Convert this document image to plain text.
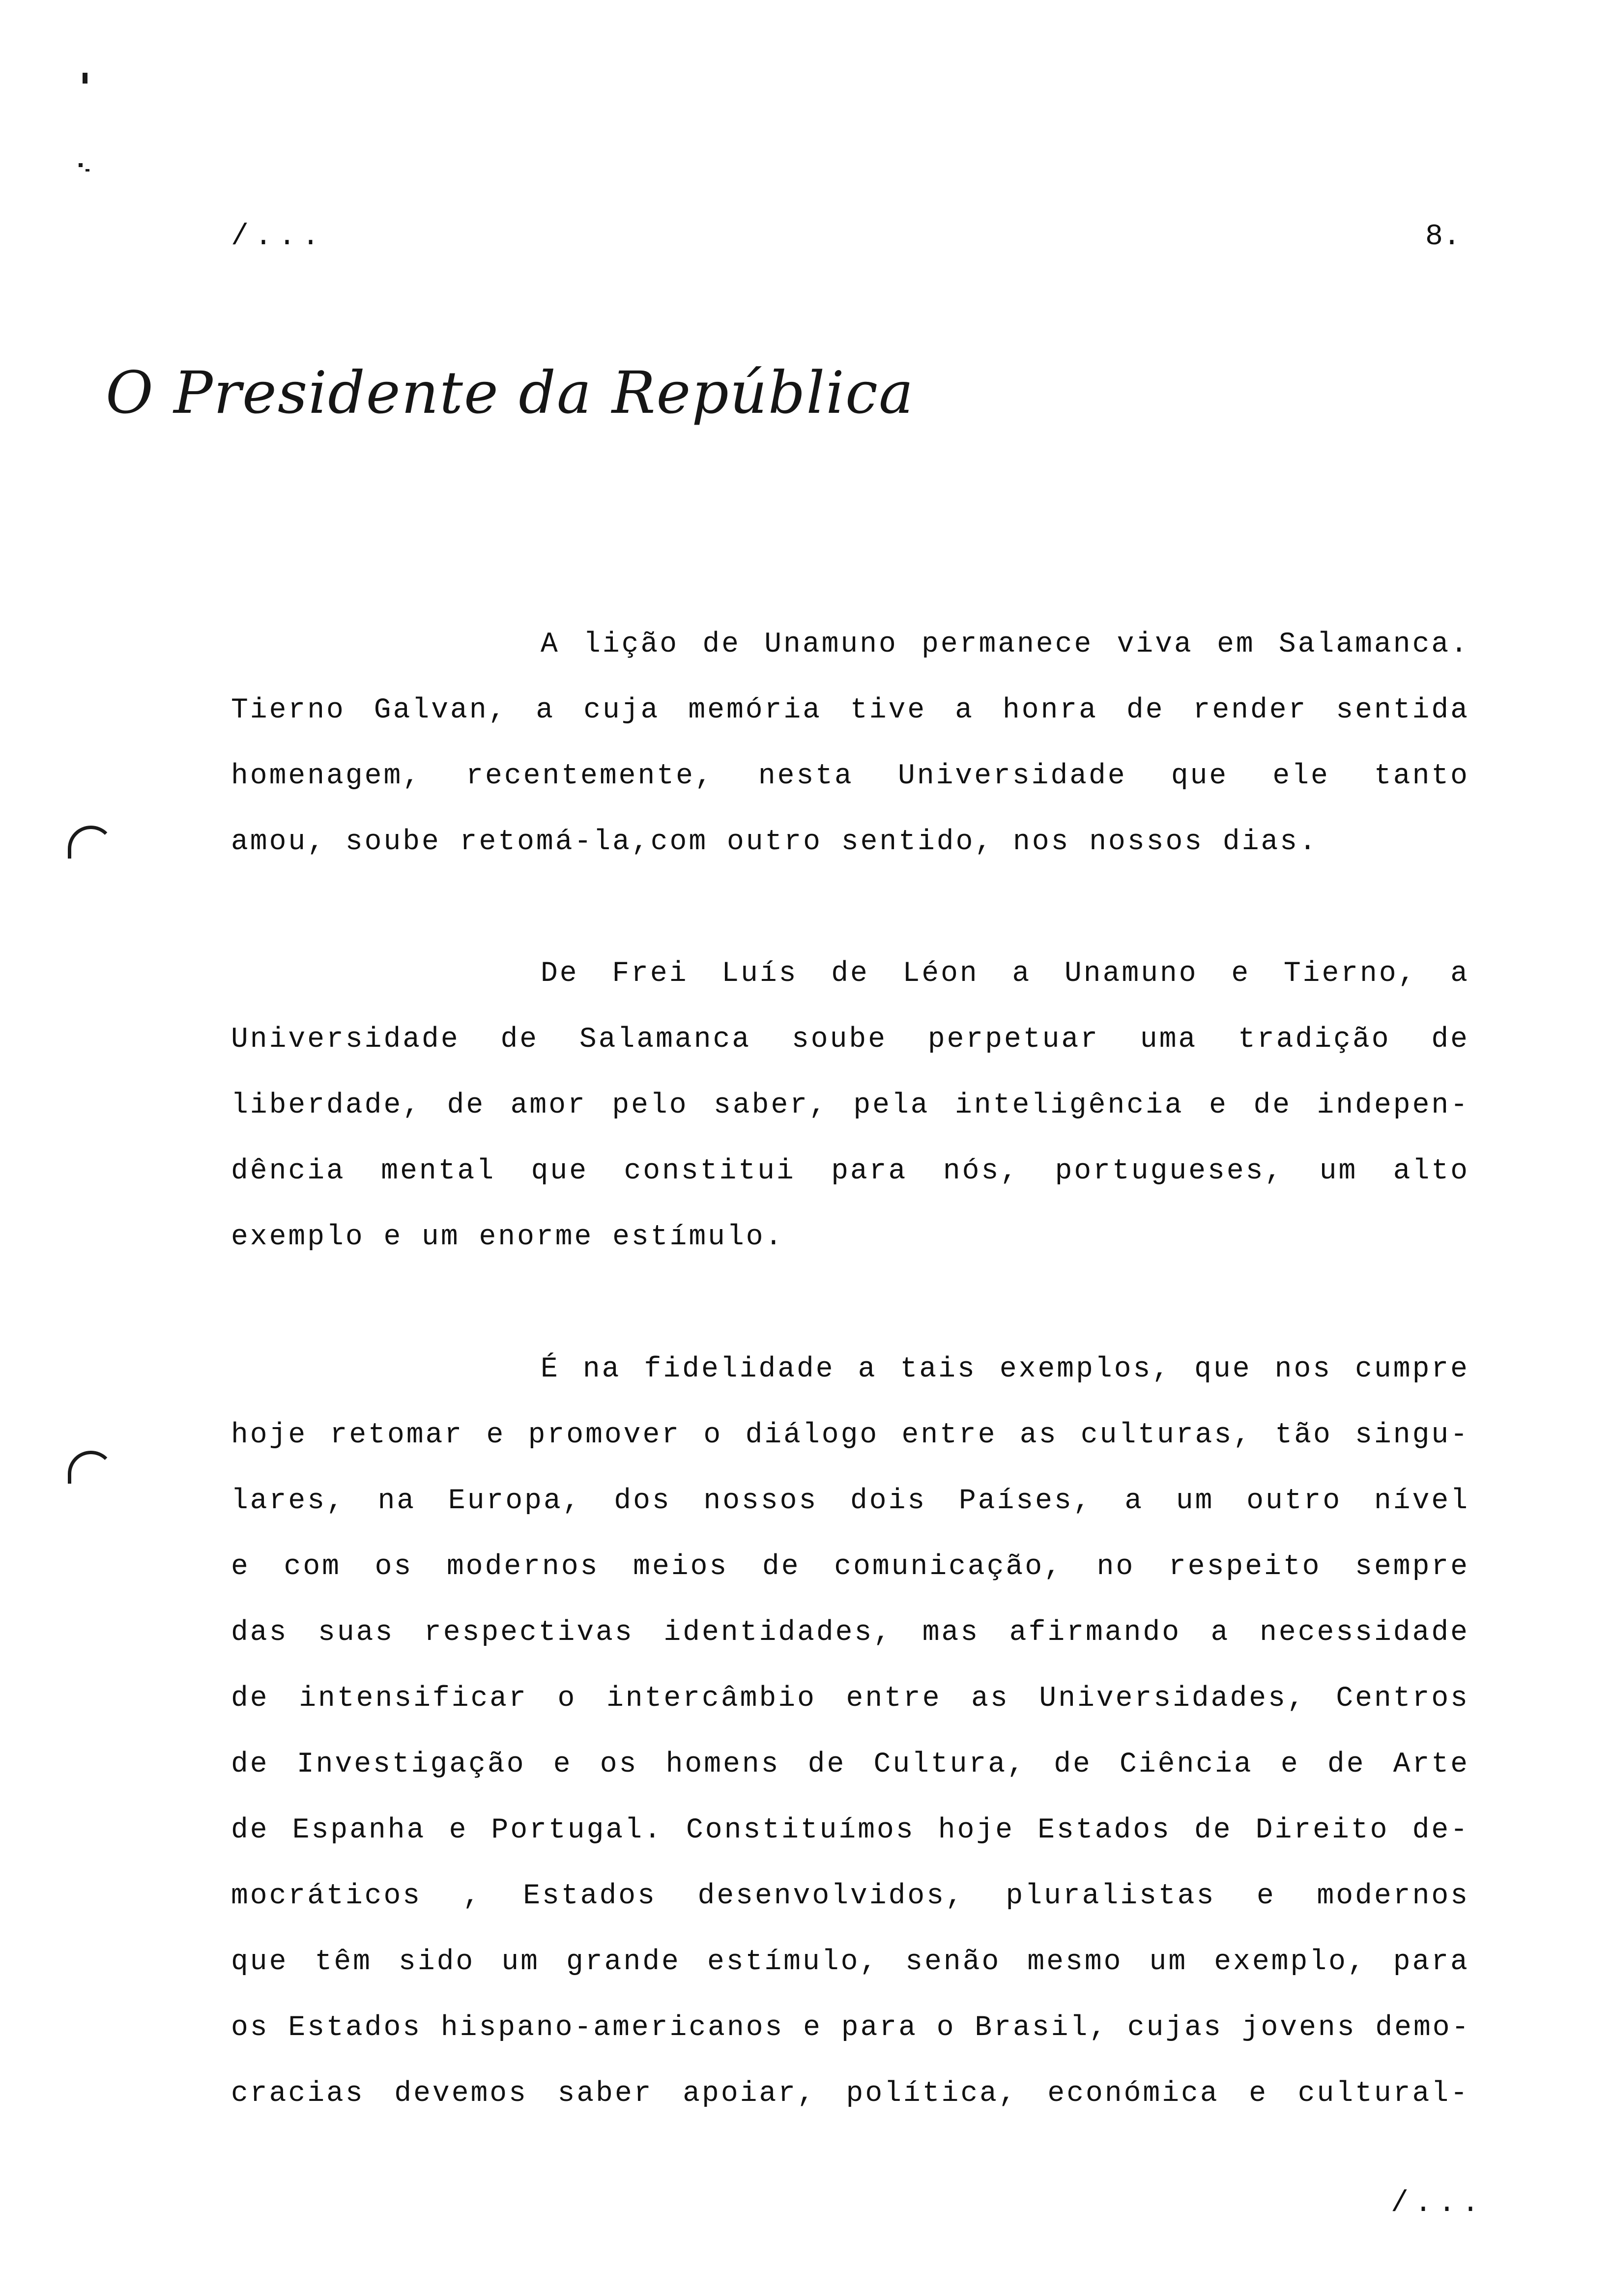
/...	8.
O Presidente da República
A lição de Unamuno permanece viva em Salamanca.
Tierno Galvan, a cuja memória tive a honra de render sentida
homenagem, recentemente, nesta Universidade que ele tanto
amou, soube retomá-la,com outro sentido, nos nossos dias.
De Frei Luís de Léon a Unamuno e Tierno, a
Universidade de Salamanca soube perpetuar uma tradição de
liberdade, de amor pelo saber, pela inteligência e de indepen-
dência mental que constitui para nós, portugueses, um alto
exemplo e um enorme estímulo.
É na fidelidade a tais exemplos, que nos cumpre
hoje retomar e promover o diálogo entre as culturas, tão singu-
lares, na Europa, dos nossos dois Países, a um outro nível
e com os modernos meios de comunicação, no respeito sempre
das suas respectivas identidades, mas afirmando a necessidade
de intensificar o intercâmbio entre as Universidades, Centros
de Investigação e os homens de Cultura, de Ciência e de Arte
de Espanha e Portugal. Constituímos hoje Estados de Direito de-
mocráticos , Estados desenvolvidos, pluralistas e modernos
que têm sido um grande estímulo, senão mesmo um exemplo, para
os Estados hispano-americanos e para o Brasil, cujas jovens demo-
cracias devemos saber apoiar, política, económica e cultural-
/...
